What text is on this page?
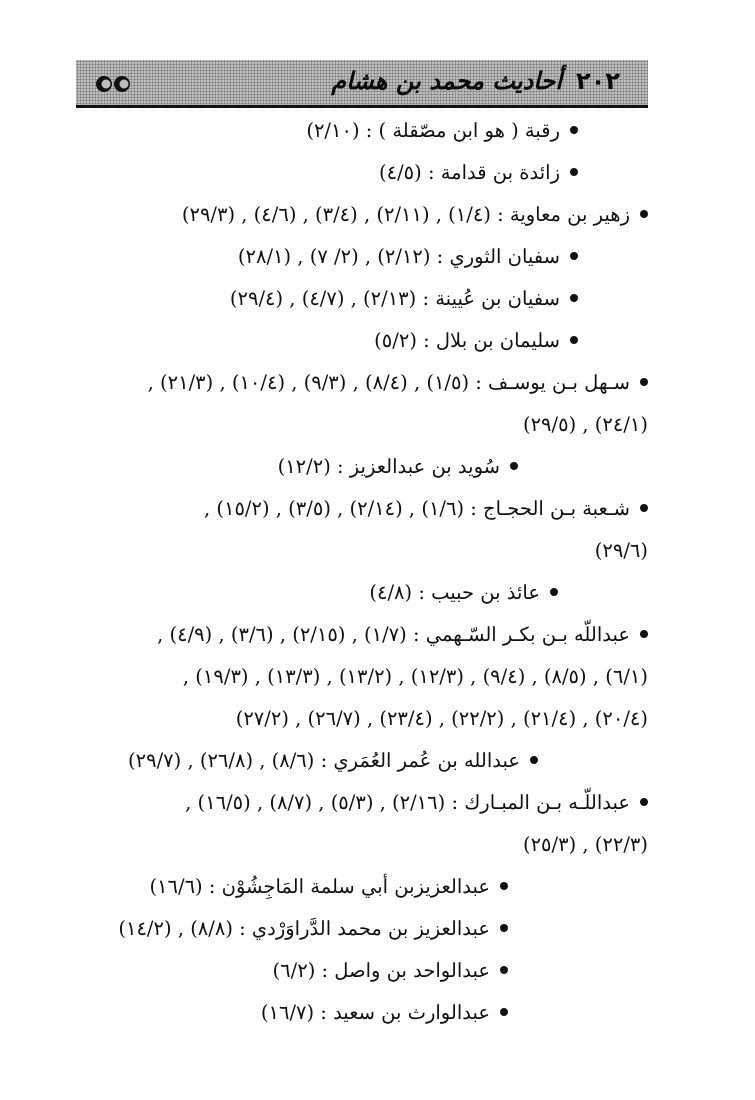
٢٠٢أحاديث محمد بن هشام
رقبة ( هو ابن مصّقلة ) : (٢/١٠)
زائدة بن قدامة : (٤/٥)
زهير بن معاوية : (١/٤) , (٢/١١) , (٣/٤) , (٤/٦) , (٢٩/٣)
سفيان الثوري : (٢/١٢) , (٢/ ٧) , (٢٨/١)
سفيان بن عُيينة : (٢/١٣) , (٤/٧) , (٢٩/٤)
سليمان بن بلال : (٥/٢)
سـهل بـن يوسـف : (١/٥) , (٨/٤) , (٩/٣) , (١٠/٤) , (٢١/٣) ,
(٢٤/١) , (٢٩/٥)
سُويد بن عبدالعزيز : (١٢/٢)
شـعبة بـن الحجـاج : (١/٦) , (٢/١٤) , (٣/٥) , (١٥/٢) ,
(٢٩/٦)
عائذ بن حبيب : (٤/٨)
عبداللّه بـن بكـر السّـهمي : (١/٧) , (٢/١٥) , (٣/٦) , (٤/٩) ,
(٦/١) , (٨/٥) , (٩/٤) , (١٢/٣) , (١٣/٢) , (١٣/٣) , (١٩/٣) ,
(٢٠/٤) , (٢١/٤) , (٢٢/٢) , (٢٣/٤) , (٢٦/٧) , (٢٧/٢)
عبدالله بن عُمر العُمَري : (٨/٦) , (٢٦/٨) , (٢٩/٧)
عبداللّـه بـن المبـارك : (٢/١٦) , (٥/٣) , (٨/٧) , (١٦/٥) ,
(٢٢/٣) , (٢٥/٣)
عبدالعزيزبن أبي سلمة المَاجِشُوْن : (١٦/٦)
عبدالعزيز بن محمد الدَّراوَرْدي : (٨/٨) , (١٤/٢)
عبدالواحد بن واصل : (٦/٢)
عبدالوارث بن سعيد : (١٦/٧)
